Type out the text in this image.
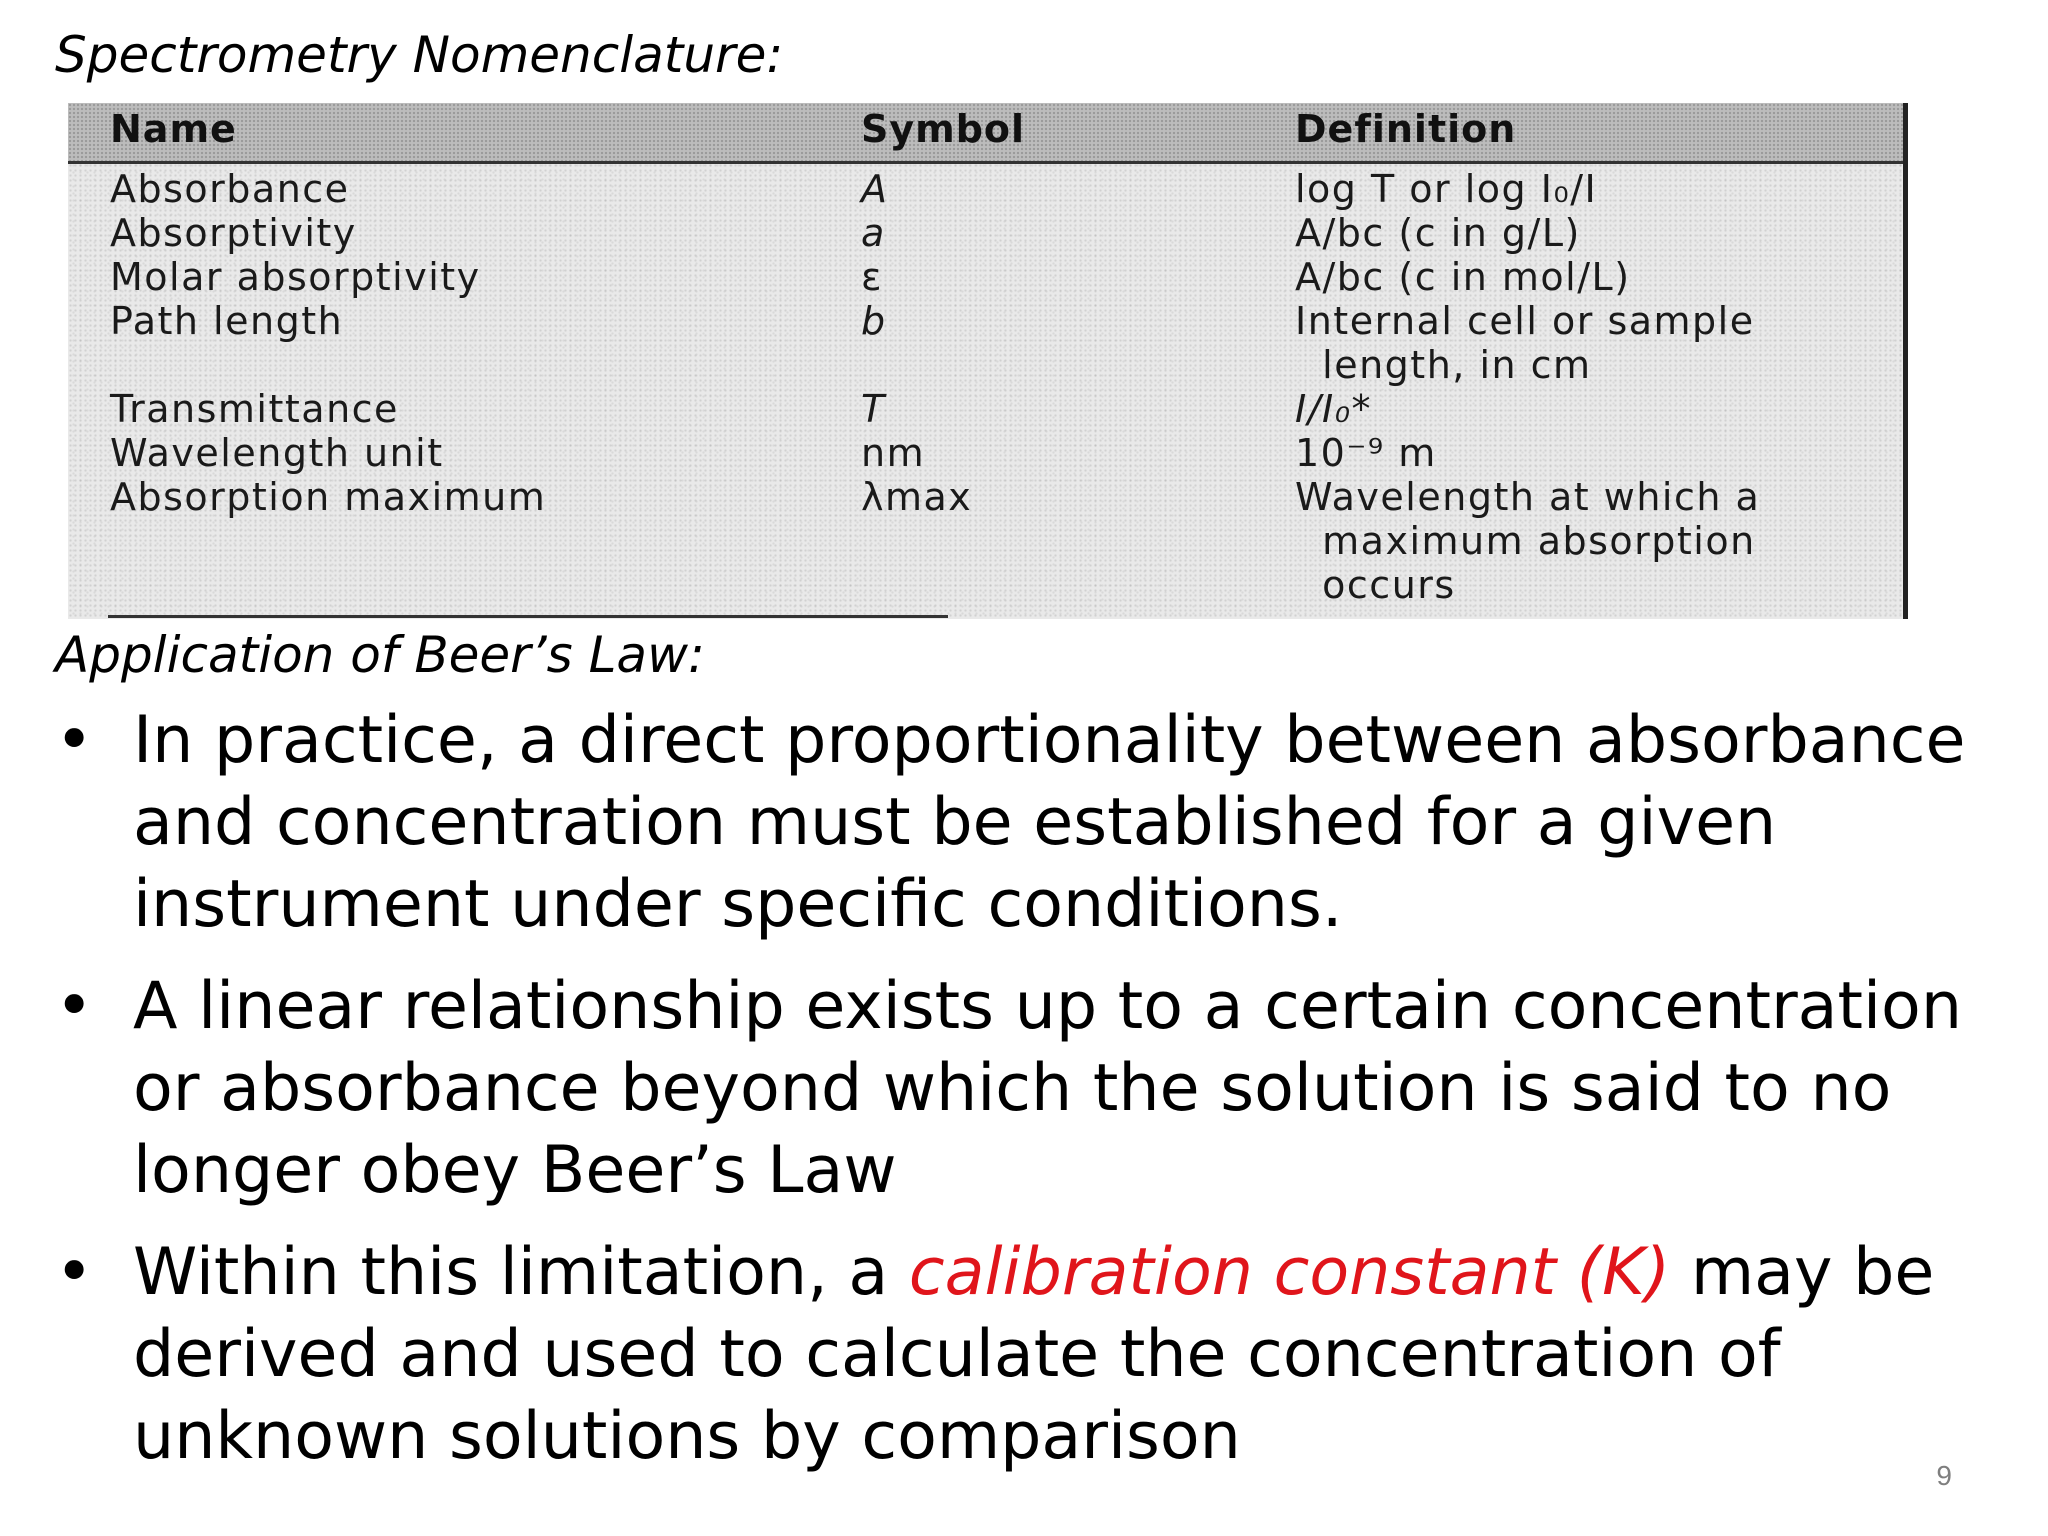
Spectrometry Nomenclature:
Name	Symbol	Definition
Absorbance	A	log T or log I₀/I
Absorptivity	a	A/bc (c in g/L)
Molar absorptivity	ε	A/bc (c in mol/L)
Path length	b	Internal cell or sample
length, in cm
Transmittance	T	I/I₀*
Wavelength unit	nm	10⁻⁹ m
Absorption maximum	λmax	Wavelength at which a
maximum absorption
occurs
Application of Beer’s Law:
• In practice, a direct proportionality between absorbance and concentration must be established for a given instrument under specific conditions.
• A linear relationship exists up to a certain concentration or absorbance beyond which the solution is said to no longer obey Beer’s Law
• Within this limitation, a calibration constant (K) may be derived and used to calculate the concentration of unknown solutions by comparison
9
